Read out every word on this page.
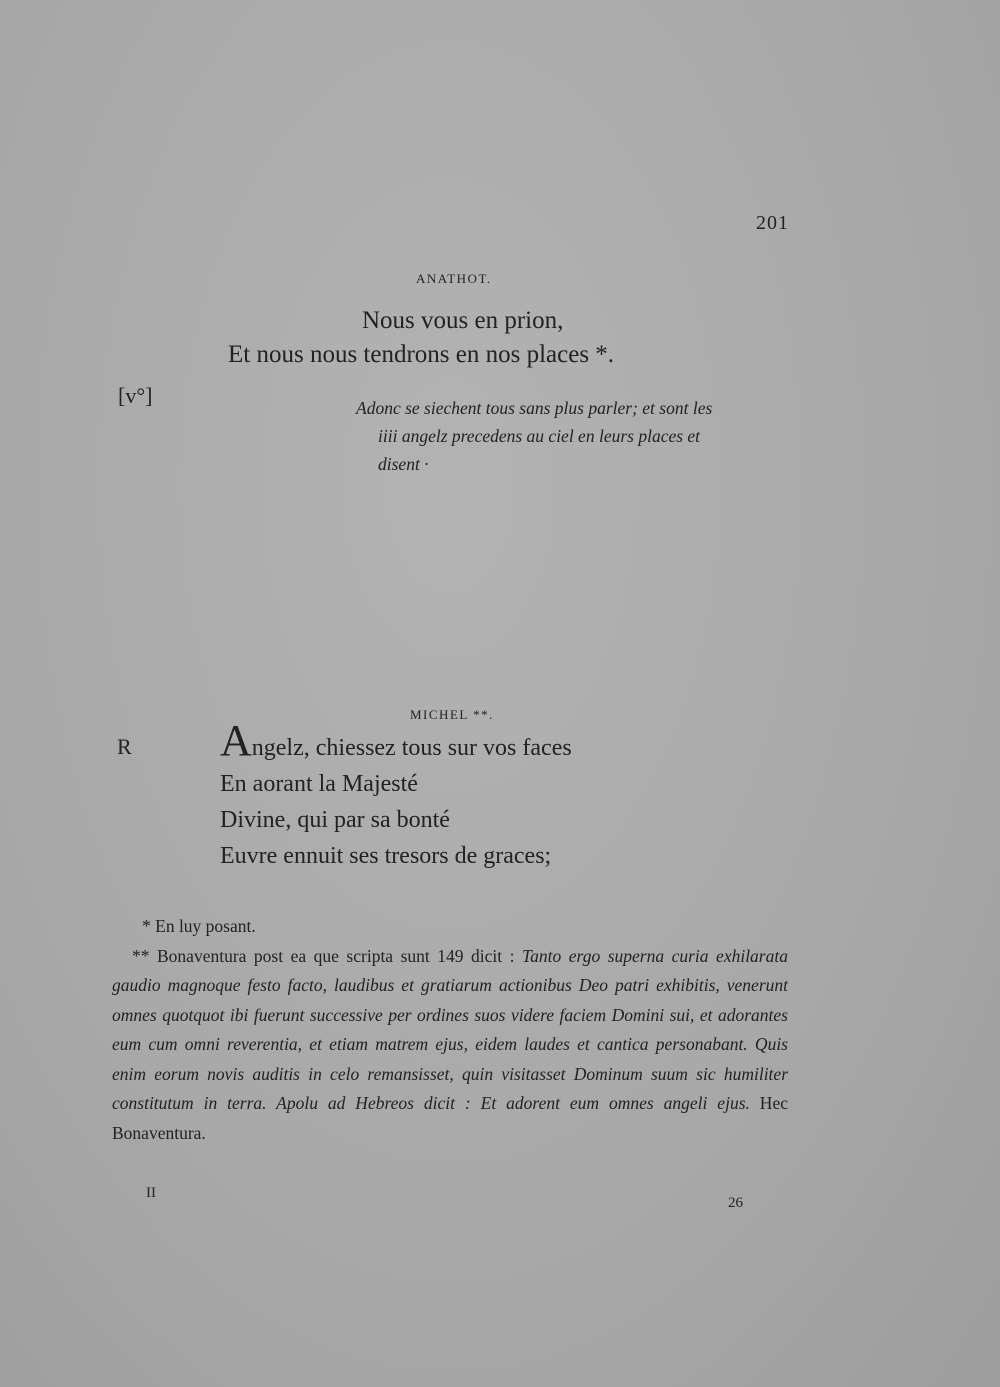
201
ANATHOT.
Nous vous en prion,
Et nous nous tendrons en nos places *.
[v°]	Adonc se siechent tous sans plus parler; et sont les
iiii angelz precedens au ciel en leurs places et
disent ·
MICHEL **.
R Angelz, chiessez tous sur vos faces
En aorant la Majesté
Divine, qui par sa bonté
Euvre ennuit ses tresors de graces;
* En luy posant.
** Bonaventura post ea que scripta sunt 149 dicit : Tanto ergo superna curia exhilarata gaudio magnoque festo facto, laudibus et gratiarum actionibus Deo patri exhibitis, venerunt omnes quotquot ibi fuerunt successive per ordines suos videre faciem Domini sui, et adorantes eum cum omni reverentia, et etiam matrem ejus, eidem laudes et cantica personabant. Quis enim eorum novis auditis in celo remansisset, quin visitasset Dominum suum sic humiliter constitutum in terra. Apolu ad Hebreos dicit : Et adorent eum omnes angeli ejus. Hec Bonaventura.
II
26
